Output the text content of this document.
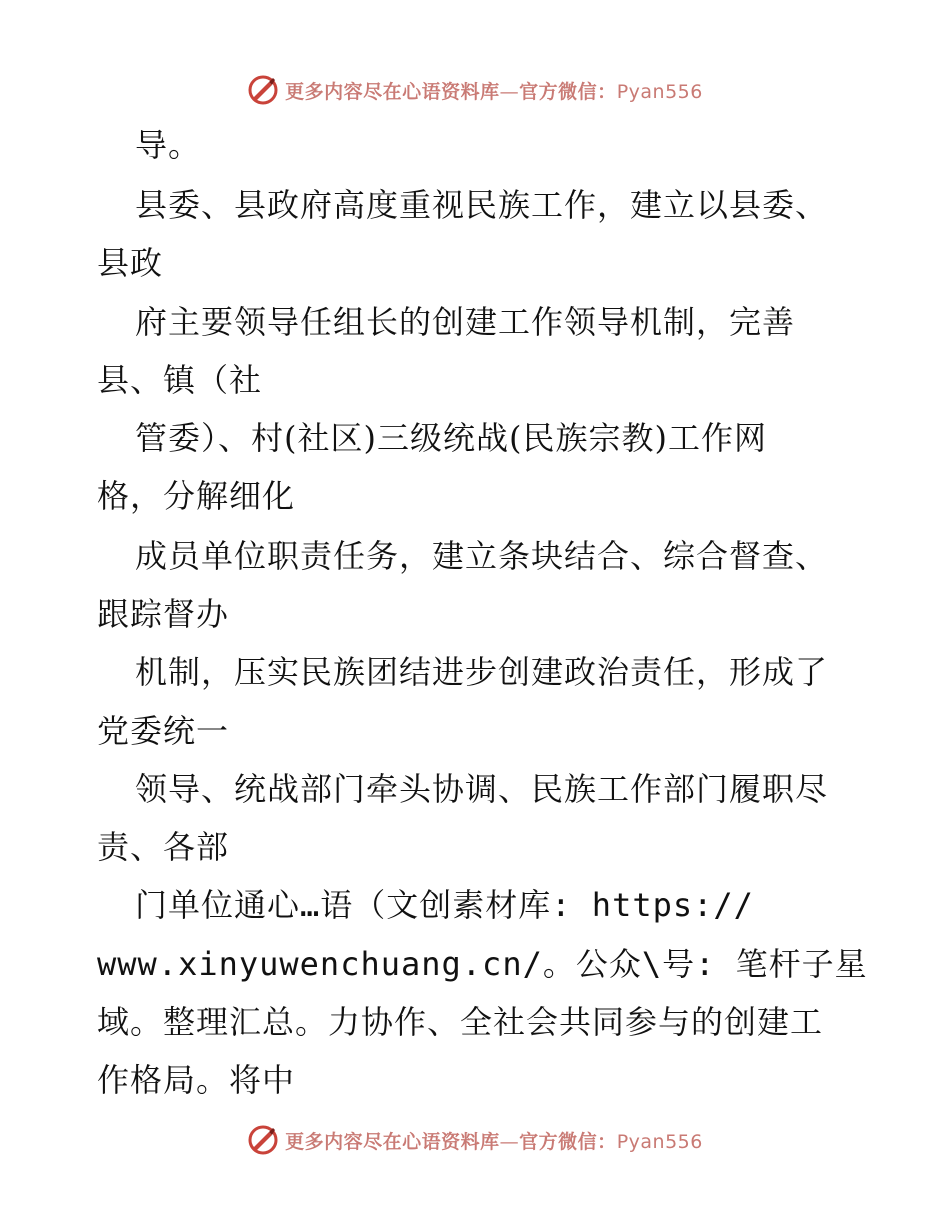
更多内容尽在心语资料库—官方微信：Pyan556
导。
县委、县政府高度重视民族工作，建立以县委、
县政
府主要领导任组长的创建工作领导机制，完善
县、镇（社
管委）、村(社区)三级统战(民族宗教)工作网
格，分解细化
成员单位职责任务，建立条块结合、综合督查、
跟踪督办
机制，压实民族团结进步创建政治责任，形成了
党委统一
领导、统战部门牵头协调、民族工作部门履职尽
责、各部
门单位通心…语（文创素材库: https://
www.xinyuwenchuang.cn/。公众\号: 笔杆子星
域。整理汇总。力协作、全社会共同参与的创建工
作格局。将中
更多内容尽在心语资料库—官方微信：Pyan556
